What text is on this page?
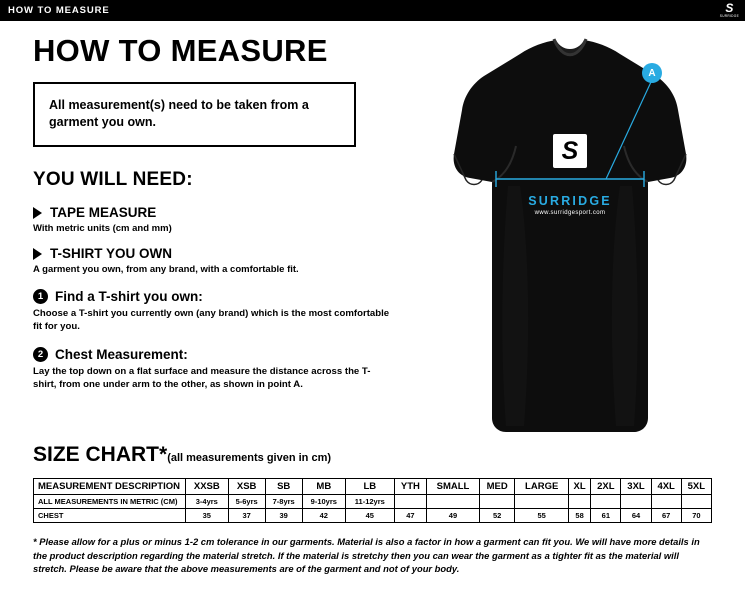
HOW TO MEASURE	S
SURRIDGE
HOW TO MEASURE
All measurement(s) need to be taken from a garment you own.
YOU WILL NEED:
TAPE MEASURE
With metric units (cm and mm)
T-SHIRT YOU OWN
A garment you own, from any brand, with a comfortable fit.
1 Find a T-shirt you own:
Choose a T-shirt you currently own (any brand) which is the most comfortable fit for you.
2 Chest Measurement:
Lay the top down on a flat surface and measure the distance across the T-shirt, from one under arm to the other, as shown in point A.
S
SURRIDGE
www.surridgesport.com
A
SIZE CHART*(all measurements given in cm)
MEASUREMENT DESCRIPTION	XXSB	XSB	SB	MB	LB	YTH	SMALL	MED	LARGE	XL	2XL	3XL	4XL	5XL
ALL MEASUREMENTS IN METRIC (CM)	3-4yrs	5-6yrs	7-8yrs	9-10yrs	11-12yrs									
CHEST	35	37	39	42	45	47	49	52	55	58	61	64	67	70
* Please allow for a plus or minus 1-2 cm tolerance in our garments. Material is also a factor in how a garment can fit you. We will have more details in the product description regarding the material stretch. If the material is stretchy then you can wear the garment as a tighter fit as the material will stretch. Please be aware that the above measurements are of the garment and not of your body.
